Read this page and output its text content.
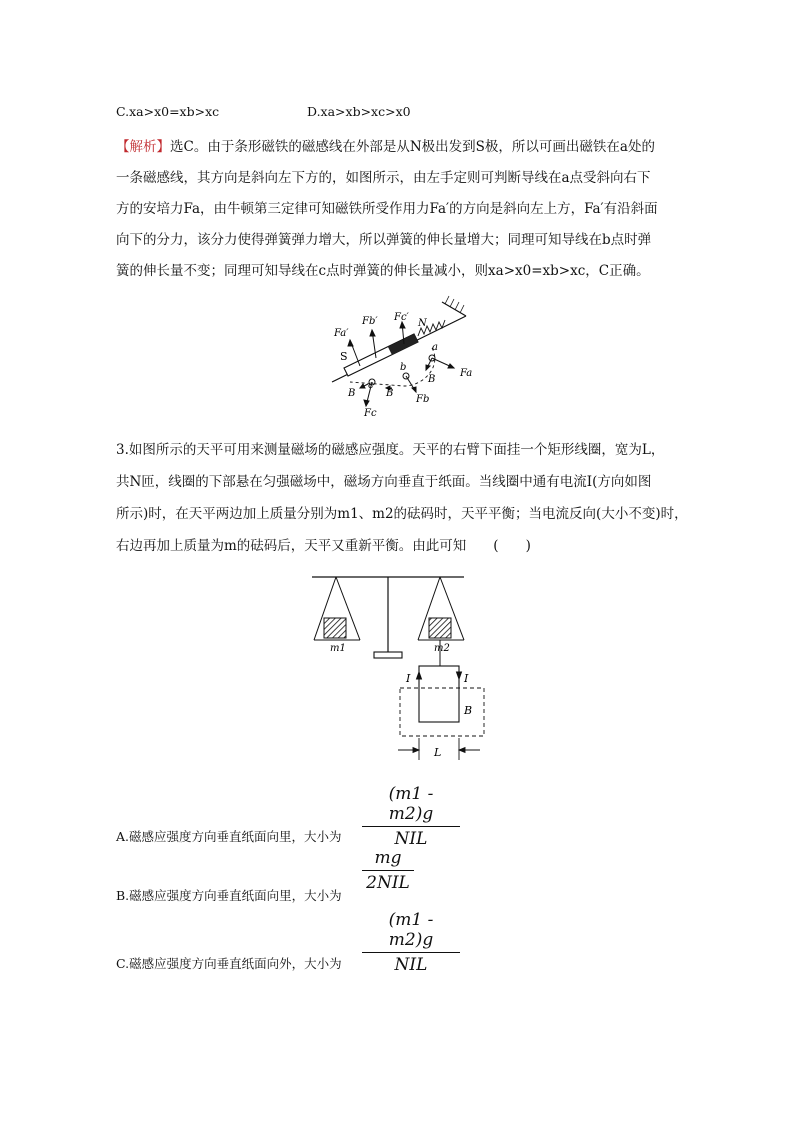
C.xa>x0=xb>xc	D.xa>xb>xc>x0
【解析】选C。由于条形磁铁的磁感线在外部是从N极出发到S极，所以可画出磁铁在a处的
一条磁感线，其方向是斜向左下方的，如图所示，由左手定则可判断导线在a点受斜向右下
方的安培力Fa，由牛顿第三定律可知磁铁所受作用力Fa′的方向是斜向左上方，Fa′有沿斜面
向下的分力，该分力使得弹簧弹力增大，所以弹簧的伸长量增大；同理可知导线在b点时弹
簧的伸长量不变；同理可知导线在c点时弹簧的伸长量减小，则xa>x0=xb>xc，C正确。
Fa′
Fb′ Fc′
N
S
a
b
c
B
B
B
Fa
Fb
Fc
3.如图所示的天平可用来测量磁场的磁感应强度。天平的右臂下面挂一个矩形线圈，宽为L，
共N匝，线圈的下部悬在匀强磁场中，磁场方向垂直于纸面。当线圈中通有电流I(方向如图
所示)时，在天平两边加上质量分别为m1、m2的砝码时，天平平衡；当电流反向(大小不变)时，
右边再加上质量为m的砝码后，天平又重新平衡。由此可知　　(　　)
m1	m2
I	I
B
L
A.磁感应强度方向垂直纸面向里，大小为
(m1 - m2)g
NIL
B.磁感应强度方向垂直纸面向里，大小为
mg
2NIL
C.磁感应强度方向垂直纸面向外，大小为
(m1 - m2)g
NIL
